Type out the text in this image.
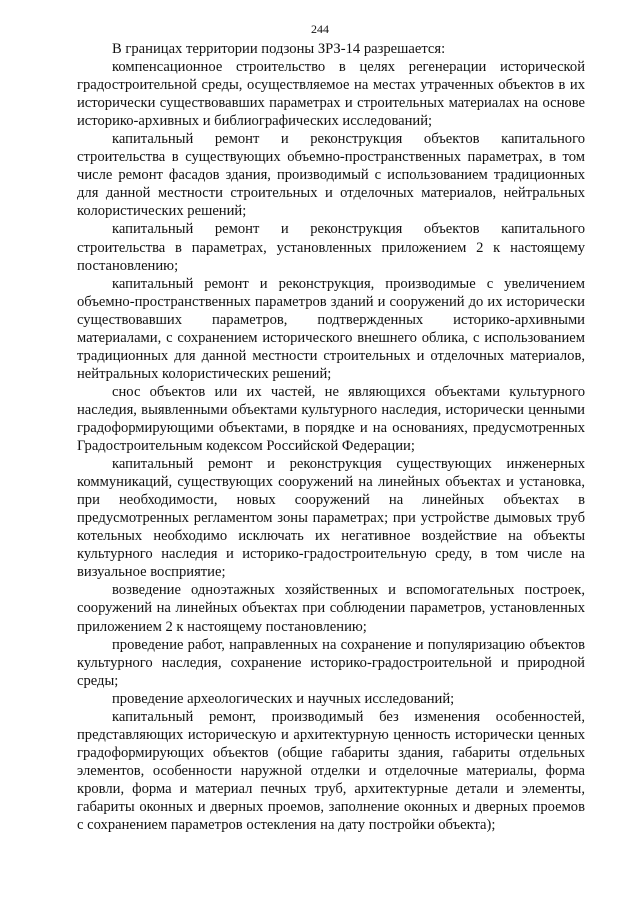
244

В границах территории подзоны ЗРЗ-14 разрешается:

компенсационное строительство в целях регенерации исторической градостроительной среды, осуществляемое на местах утраченных объектов в их исторически существовавших параметрах и строительных материалах на основе историко-архивных и библиографических исследований;

капитальный ремонт и реконструкция объектов капитального строительства в существующих объемно-пространственных параметрах, в том числе ремонт фасадов здания, производимый с использованием традиционных для данной местности строительных и отделочных материалов, нейтральных колористических решений;

капитальный ремонт и реконструкция объектов капитального строительства в параметрах, установленных приложением 2 к настоящему постановлению;

капитальный ремонт и реконструкция, производимые с увеличением объемно-пространственных параметров зданий и сооружений до их исторически существовавших параметров, подтвержденных историко-архивными материалами, с сохранением исторического внешнего облика, с использованием традиционных для данной местности строительных и отделочных материалов, нейтральных колористических решений;

снос объектов или их частей, не являющихся объектами культурного наследия, выявленными объектами культурного наследия, исторически ценными градоформирующими объектами, в порядке и на основаниях, предусмотренных Градостроительным кодексом Российской Федерации;

капитальный ремонт и реконструкция существующих инженерных коммуникаций, существующих сооружений на линейных объектах и установка, при необходимости, новых сооружений на линейных объектах в предусмотренных регламентом зоны параметрах; при устройстве дымовых труб котельных необходимо исключать их негативное воздействие на объекты культурного наследия и историко-градостроительную среду, в том числе на визуальное восприятие;

возведение одноэтажных хозяйственных и вспомогательных построек, сооружений на линейных объектах при соблюдении параметров, установленных приложением 2 к настоящему постановлению;

проведение работ, направленных на сохранение и популяризацию объектов культурного наследия, сохранение историко-градостроительной и природной среды;

проведение археологических и научных исследований;

капитальный ремонт, производимый без изменения особенностей, представляющих историческую и архитектурную ценность исторически ценных градоформирующих объектов (общие габариты здания, габариты отдельных элементов, особенности наружной отделки и отделочные материалы, форма кровли, форма и материал печных труб, архитектурные детали и элементы, габариты оконных и дверных проемов, заполнение оконных и дверных проемов с сохранением параметров остекления на дату постройки объекта);
